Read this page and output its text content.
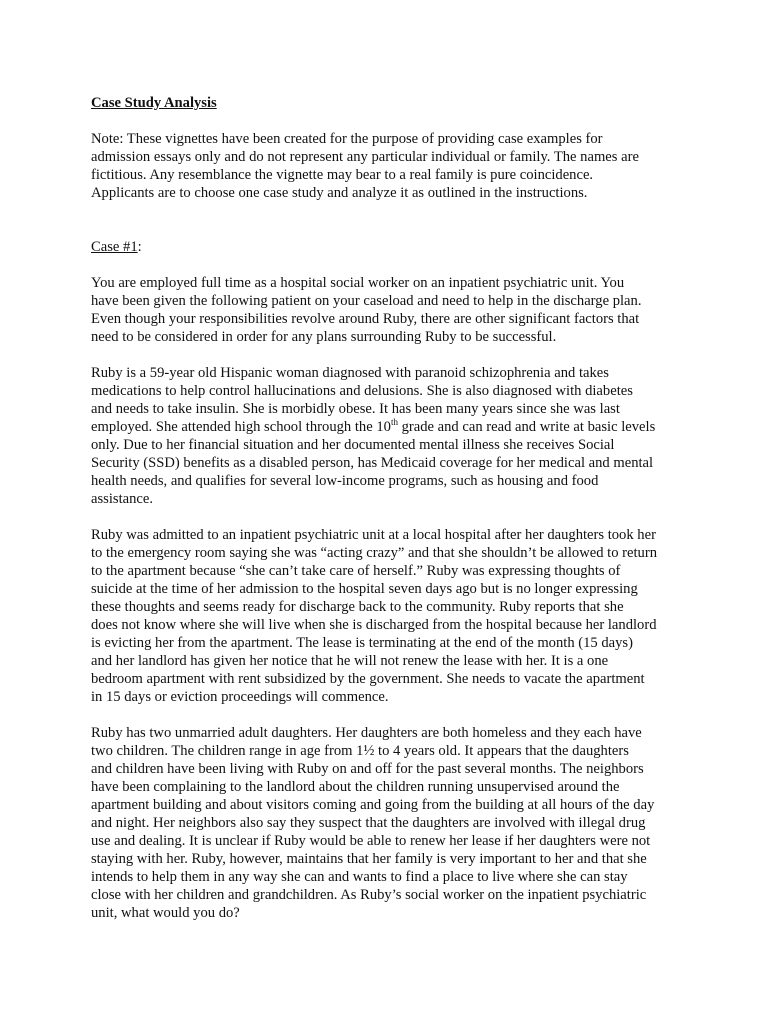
Case Study Analysis
Note: These vignettes have been created for the purpose of providing case examples for
admission essays only and do not represent any particular individual or family. The names are
fictitious. Any resemblance the vignette may bear to a real family is pure coincidence.
Applicants are to choose one case study and analyze it as outlined in the instructions.
Case #1:
You are employed full time as a hospital social worker on an inpatient psychiatric unit. You
have been given the following patient on your caseload and need to help in the discharge plan.
Even though your responsibilities revolve around Ruby, there are other significant factors that
need to be considered in order for any plans surrounding Ruby to be successful.
Ruby is a 59-year old Hispanic woman diagnosed with paranoid schizophrenia and takes
medications to help control hallucinations and delusions. She is also diagnosed with diabetes
and needs to take insulin. She is morbidly obese. It has been many years since she was last
employed. She attended high school through the 10th grade and can read and write at basic levels
only. Due to her financial situation and her documented mental illness she receives Social
Security (SSD) benefits as a disabled person, has Medicaid coverage for her medical and mental
health needs, and qualifies for several low-income programs, such as housing and food
assistance.
Ruby was admitted to an inpatient psychiatric unit at a local hospital after her daughters took her
to the emergency room saying she was “acting crazy” and that she shouldn’t be allowed to return
to the apartment because “she can’t take care of herself.” Ruby was expressing thoughts of
suicide at the time of her admission to the hospital seven days ago but is no longer expressing
these thoughts and seems ready for discharge back to the community. Ruby reports that she
does not know where she will live when she is discharged from the hospital because her landlord
is evicting her from the apartment. The lease is terminating at the end of the month (15 days)
and her landlord has given her notice that he will not renew the lease with her. It is a one
bedroom apartment with rent subsidized by the government. She needs to vacate the apartment
in 15 days or eviction proceedings will commence.
Ruby has two unmarried adult daughters. Her daughters are both homeless and they each have
two children. The children range in age from 1½ to 4 years old. It appears that the daughters
and children have been living with Ruby on and off for the past several months. The neighbors
have been complaining to the landlord about the children running unsupervised around the
apartment building and about visitors coming and going from the building at all hours of the day
and night. Her neighbors also say they suspect that the daughters are involved with illegal drug
use and dealing. It is unclear if Ruby would be able to renew her lease if her daughters were not
staying with her. Ruby, however, maintains that her family is very important to her and that she
intends to help them in any way she can and wants to find a place to live where she can stay
close with her children and grandchildren. As Ruby’s social worker on the inpatient psychiatric
unit, what would you do?
